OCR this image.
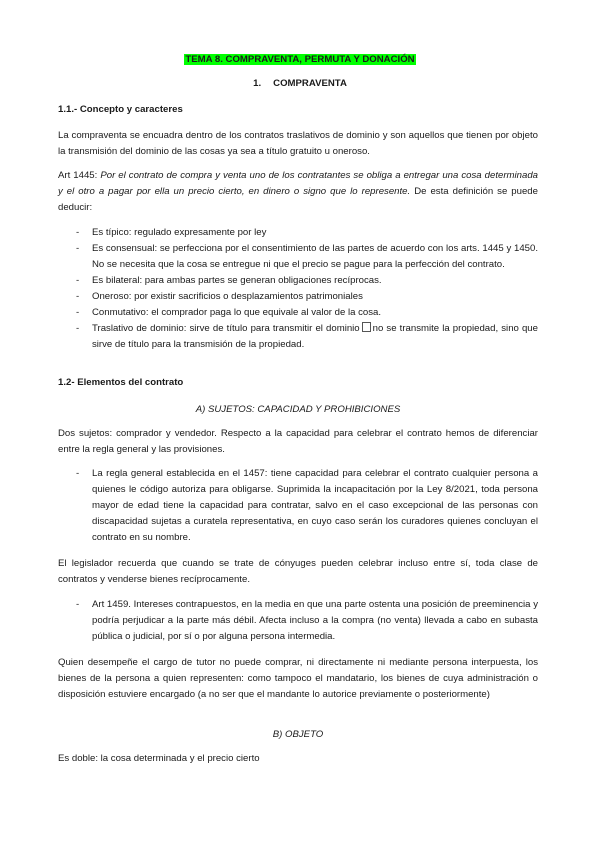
TEMA 8. COMPRAVENTA, PERMUTA Y DONACIÓN
1. COMPRAVENTA
1.1.- Concepto y caracteres
La compraventa se encuadra dentro de los contratos traslativos de dominio y son aquellos que tienen por objeto la transmisión del dominio de las cosas ya sea a título gratuito u oneroso.
Art 1445: Por el contrato de compra y venta uno de los contratantes se obliga a entregar una cosa determinada y el otro a pagar por ella un precio cierto, en dinero o signo que lo represente. De esta definición se puede deducir:
- Es típico: regulado expresamente por ley
- Es consensual: se perfecciona por el consentimiento de las partes de acuerdo con los arts. 1445 y 1450. No se necesita que la cosa se entregue ni que el precio se pague para la perfección del contrato.
- Es bilateral: para ambas partes se generan obligaciones recíprocas.
- Oneroso: por existir sacrificios o desplazamientos patrimoniales
- Conmutativo: el comprador paga lo que equivale al valor de la cosa.
- Traslativo de dominio: sirve de título para transmitir el dominio no se transmite la propiedad, sino que sirve de título para la transmisión de la propiedad.
1.2- Elementos del contrato
A) SUJETOS: CAPACIDAD Y PROHIBICIONES
Dos sujetos: comprador y vendedor. Respecto a la capacidad para celebrar el contrato hemos de diferenciar entre la regla general y las provisiones.
- La regla general establecida en el 1457: tiene capacidad para celebrar el contrato cualquier persona a quienes le código autoriza para obligarse. Suprimida la incapacitación por la Ley 8/2021, toda persona mayor de edad tiene la capacidad para contratar, salvo en el caso excepcional de las personas con discapacidad sujetas a curatela representativa, en cuyo caso serán los curadores quienes concluyan el contrato en su nombre.
El legislador recuerda que cuando se trate de cónyuges pueden celebrar incluso entre sí, toda clase de contratos y venderse bienes recíprocamente.
- Art 1459. Intereses contrapuestos, en la media en que una parte ostenta una posición de preeminencia y podría perjudicar a la parte más débil. Afecta incluso a la compra (no venta) llevada a cabo en subasta pública o judicial, por sí o por alguna persona intermedia.
Quien desempeñe el cargo de tutor no puede comprar, ni directamente ni mediante persona interpuesta, los bienes de la persona a quien representen: como tampoco el mandatario, los bienes de cuya administración o disposición estuviere encargado (a no ser que el mandante lo autorice previamente o posteriormente)
B) OBJETO
Es doble: la cosa determinada y el precio cierto
